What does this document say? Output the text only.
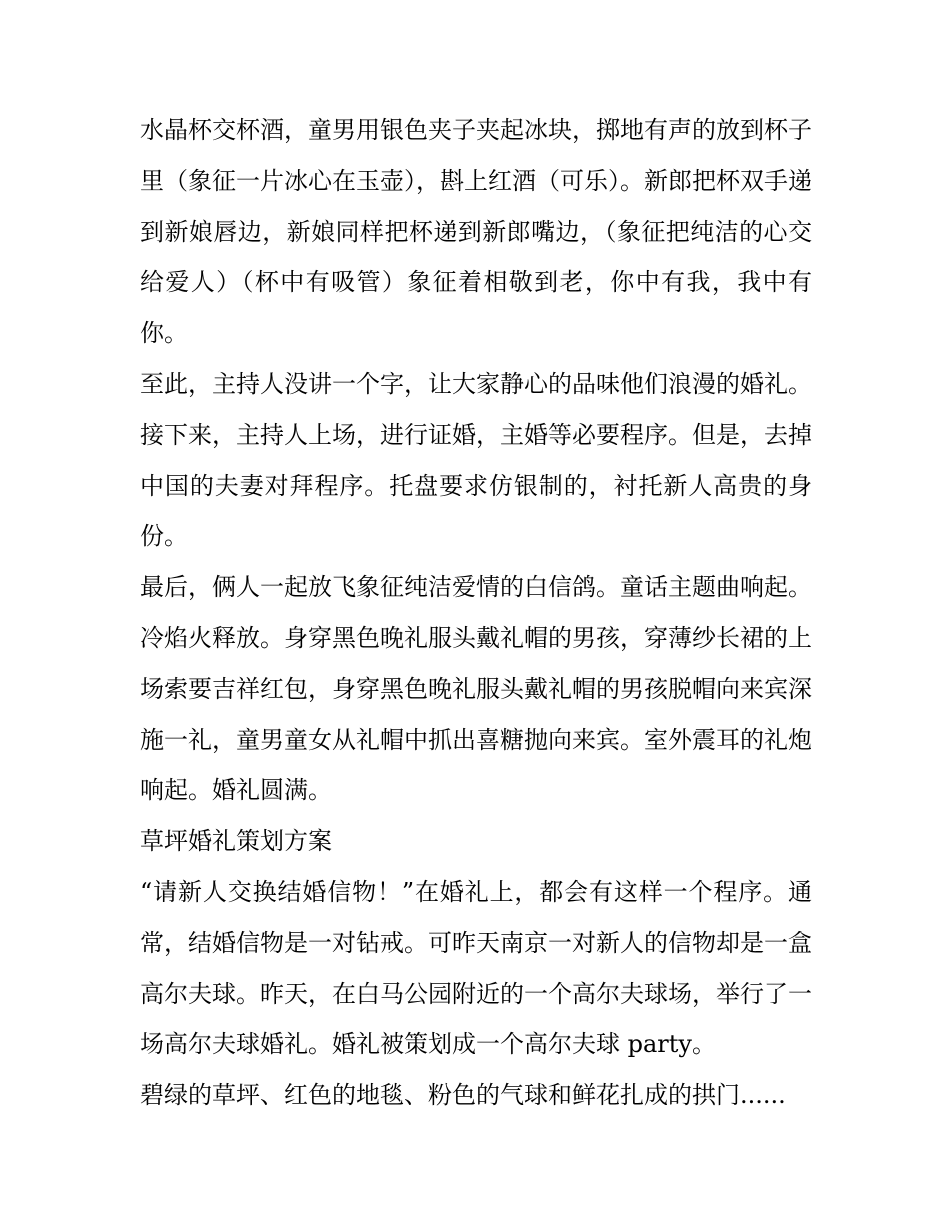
水晶杯交杯酒，童男用银色夹子夹起冰块，掷地有声的放到杯子里（象征一片冰心在玉壶），斟上红酒（可乐）。新郎把杯双手递到新娘唇边，新娘同样把杯递到新郎嘴边，（象征把纯洁的心交给爱人）（杯中有吸管）象征着相敬到老，你中有我，我中有你。

至此，主持人没讲一个字，让大家静心的品味他们浪漫的婚礼。接下来，主持人上场，进行证婚，主婚等必要程序。但是，去掉中国的夫妻对拜程序。托盘要求仿银制的，衬托新人高贵的身份。

最后，俩人一起放飞象征纯洁爱情的白信鸽。童话主题曲响起。冷焰火释放。身穿黑色晚礼服头戴礼帽的男孩，穿薄纱长裙的上场索要吉祥红包，身穿黑色晚礼服头戴礼帽的男孩脱帽向来宾深施一礼，童男童女从礼帽中抓出喜糖抛向来宾。室外震耳的礼炮响起。婚礼圆满。

草坪婚礼策划方案

“请新人交换结婚信物！”在婚礼上，都会有这样一个程序。通常，结婚信物是一对钻戒。可昨天南京一对新人的信物却是一盒高尔夫球。昨天，在白马公园附近的一个高尔夫球场，举行了一场高尔夫球婚礼。婚礼被策划成一个高尔夫球 party。

碧绿的草坪、红色的地毯、粉色的气球和鲜花扎成的拱门......
